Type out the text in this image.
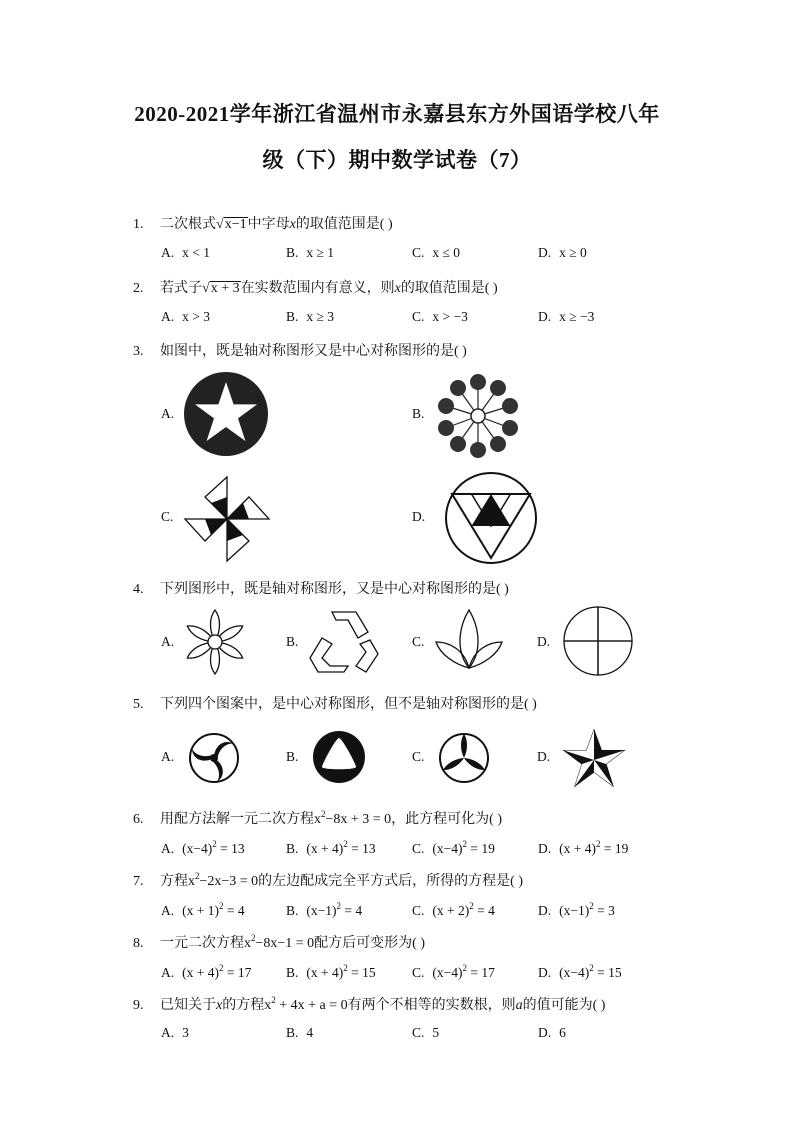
2020-2021学年浙江省温州市永嘉县东方外国语学校八年
级（下）期中数学试卷（7）
1. 二次根式√x−1中字母x的取值范围是( )
A. x < 1	B. x ≥ 1	C. x ≤ 0	D. x ≥ 0
2. 若式子√x + 3在实数范围内有意义，则x的取值范围是( )
A. x > 3	B. x ≥ 3	C. x > −3	D. x ≥ −3
3. 如图中，既是轴对称图形又是中心对称图形的是( )
A.	B.
C.	D.
4. 下列图形中，既是轴对称图形，又是中心对称图形的是( )
A.	B.	C.	D.
5. 下列四个图案中，是中心对称图形，但不是轴对称图形的是( )
A.	B.	C.	D.
6. 用配方法解一元二次方程$x^2-8x + 3 = 0$，此方程可化为( )
A. $(x-4)^2 = 13$	B. $(x + 4)^2 = 13$	C. $(x-4)^2 = 19$	D. $(x + 4)^2 = 19$
7. 方程$x^2-2x-3 = 0$的左边配成完全平方式后，所得的方程是( )
A. $(x + 1)^2 = 4$	B. $(x-1)^2 = 4$	C. $(x + 2)^2 = 4$	D. $(x-1)^2 = 3$
8. 一元二次方程$x^2-8x-1 = 0$配方后可变形为( )
A. $(x + 4)^2 = 17$	B. $(x + 4)^2 = 15$	C. $(x-4)^2 = 17$	D. $(x-4)^2 = 15$
9. 已知关于x的方程$x^2 + 4x + a = 0$有两个不相等的实数根，则a的值可能为( )
A. 3	B. 4	C. 5	D. 6
